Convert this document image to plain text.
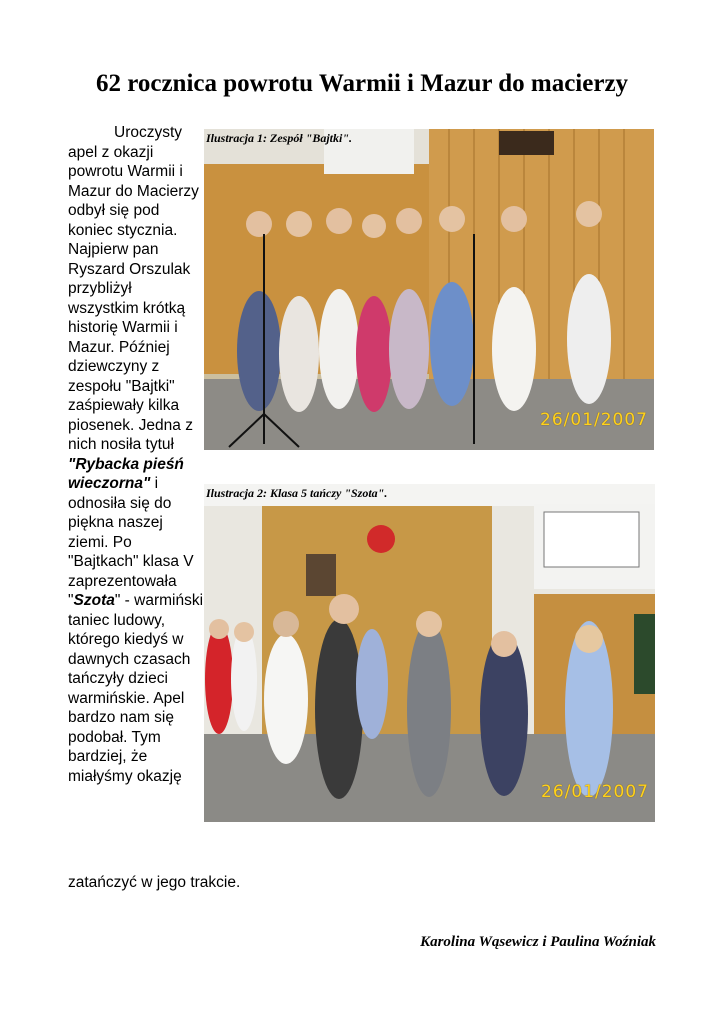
62 rocznica powrotu Warmii i Mazur do macierzy

Uroczysty apel z okazji powrotu Warmii i Mazur do Macierzy odbył się pod koniec stycznia. Najpierw pan Ryszard Orszulak przybliżył wszystkim krótką historię Warmii i Mazur. Później dziewczyny z zespołu "Bajtki" zaśpiewały kilka piosenek. Jedna z nich nosiła tytuł "Rybacka pieśń wieczorna" i odnosiła się do piękna naszej ziemi. Po "Bajtkach" klasa V zaprezentowała "Szota" - warmiński taniec ludowy, którego kiedyś w dawnych czasach tańczyły dzieci warmińskie. Apel bardzo nam się podobał. Tym bardziej, że miałyśmy okazję

zatańczyć w jego trakcie.
Ilustracja 1: Zespół "Bajtki".
26/01/2007
Ilustracja 2: Klasa 5 tańczy "Szota".
26/01/2007
Karolina Wąsewicz i Paulina Woźniak
